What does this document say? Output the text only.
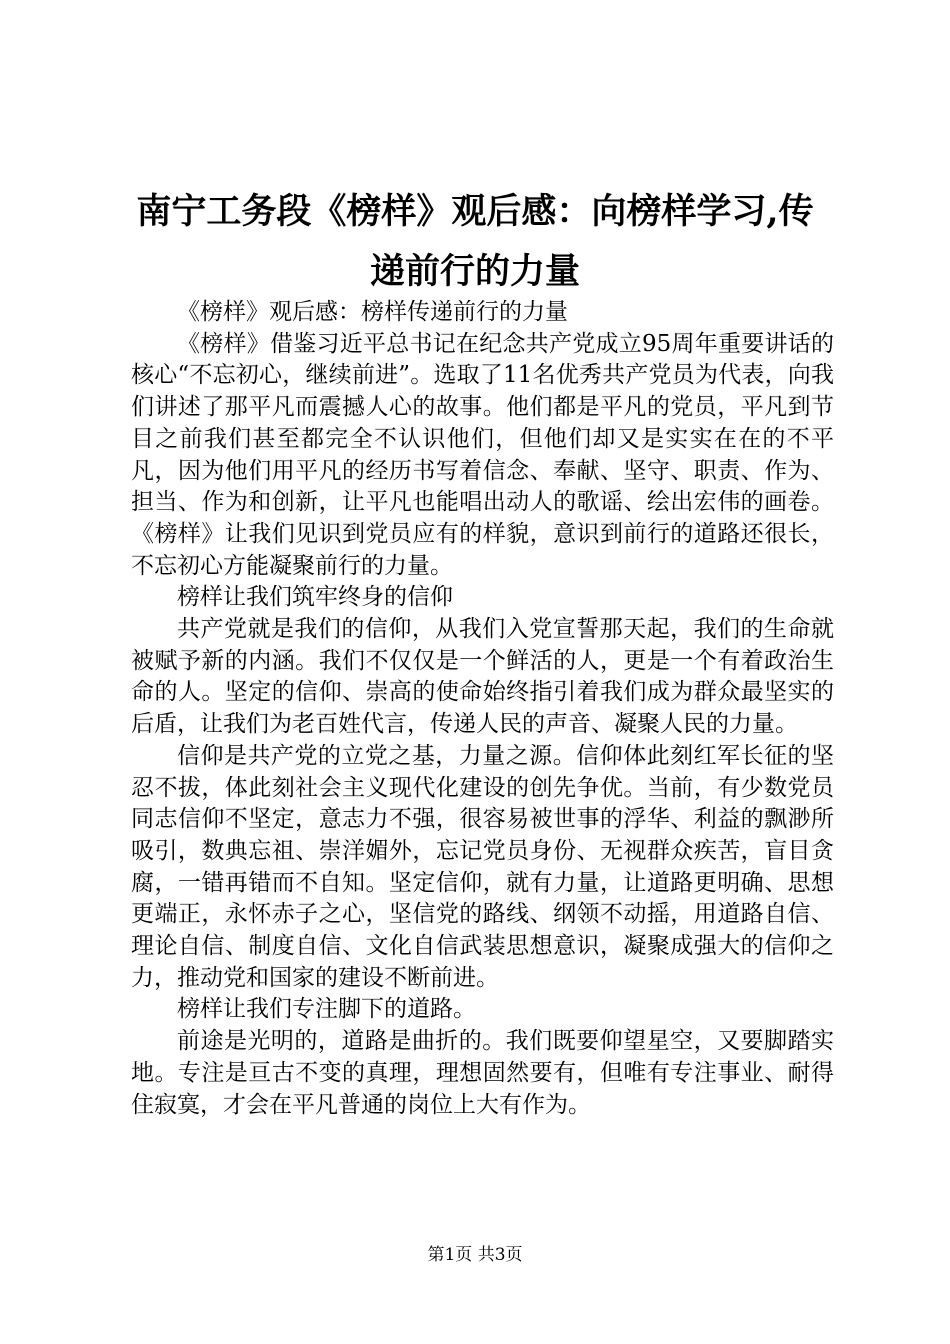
南宁工务段《榜样》观后感：向榜样学习,传递前行的力量

《榜样》观后感：榜样传递前行的力量

《榜样》借鉴习近平总书记在纪念共产党成立95周年重要讲话的核心“不忘初心，继续前进”。选取了11名优秀共产党员为代表，向我们讲述了那平凡而震撼人心的故事。他们都是平凡的党员，平凡到节目之前我们甚至都完全不认识他们，但他们却又是实实在在的不平凡，因为他们用平凡的经历书写着信念、奉献、坚守、职责、作为、担当、作为和创新，让平凡也能唱出动人的歌谣、绘出宏伟的画卷。《榜样》让我们见识到党员应有的样貌，意识到前行的道路还很长，不忘初心方能凝聚前行的力量。

榜样让我们筑牢终身的信仰

共产党就是我们的信仰，从我们入党宣誓那天起，我们的生命就被赋予新的内涵。我们不仅仅是一个鲜活的人，更是一个有着政治生命的人。坚定的信仰、崇高的使命始终指引着我们成为群众最坚实的后盾，让我们为老百姓代言，传递人民的声音、凝聚人民的力量。

信仰是共产党的立党之基，力量之源。信仰体此刻红军长征的坚忍不拔，体此刻社会主义现代化建设的创先争优。当前，有少数党员同志信仰不坚定，意志力不强，很容易被世事的浮华、利益的飘渺所吸引，数典忘祖、崇洋媚外，忘记党员身份、无视群众疾苦，盲目贪腐，一错再错而不自知。坚定信仰，就有力量，让道路更明确、思想更端正，永怀赤子之心，坚信党的路线、纲领不动摇，用道路自信、理论自信、制度自信、文化自信武装思想意识，凝聚成强大的信仰之力，推动党和国家的建设不断前进。

榜样让我们专注脚下的道路。

前途是光明的，道路是曲折的。我们既要仰望星空，又要脚踏实地。专注是亘古不变的真理，理想固然要有，但唯有专注事业、耐得住寂寞，才会在平凡普通的岗位上大有作为。

第1页 共3页
